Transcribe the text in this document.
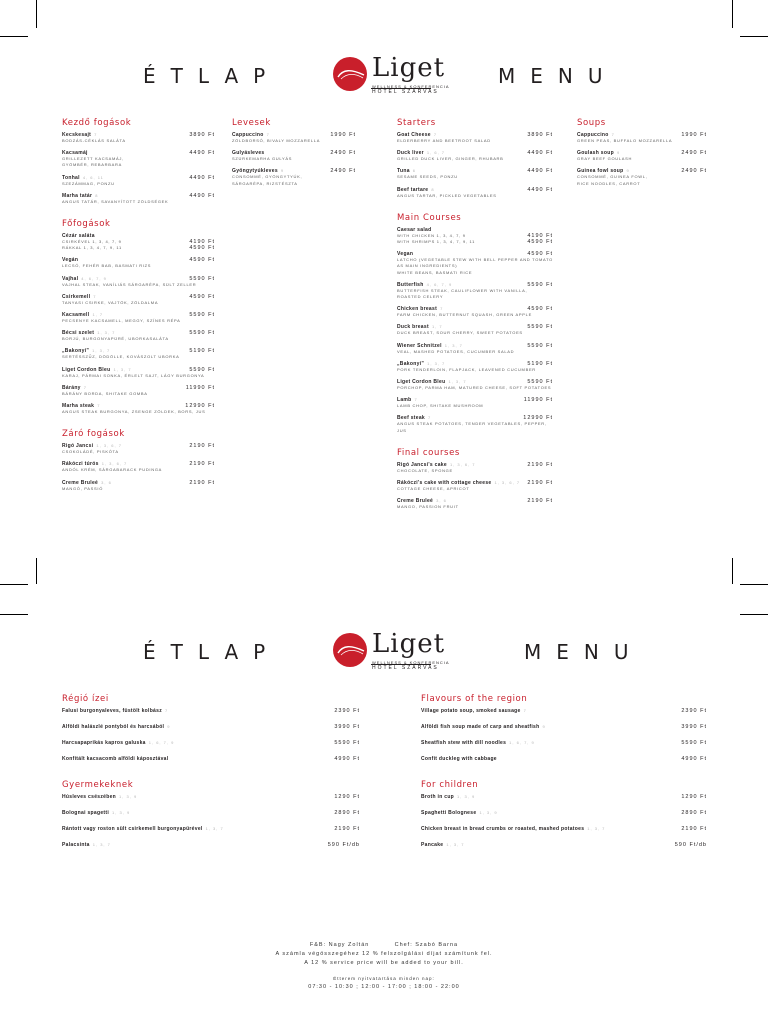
ÉTLAP	Liget
WELLNESS & KONFERENCIA
HOTEL SZARVAS
MENU
Kezdő fogások
Kecskesajt 7
BODZÁS-CÉKLÁS SALÁTA
3890 Ft
Kacsamáj
GRILLEZETT KACSAMÁJ,
GYÖMBÉR, REBARBARA
4490 Ft
Tonhal 4, 6, 11
SZEZÁMMAG, PONZU
4490 Ft
Marha tatár 8
ANGUS TATÁR, SAVANYÍTOTT ZÖLDSÉGEK
4490 Ft
Főfogások
Cézár saláta
CSIRKÉVEL 1, 3, 4, 7, 9
RÁKKAL 1, 3, 4, 7, 9, 11
4190 Ft
4590 Ft
Vegán
LECSÓ, FEHÉR BAB, BASMATI RIZS
4590 Ft
Vajhal 4, 6, 7, 9
VAJHAL STEAK, VANÍLIÁS SÁRGARÉPA, SÜLT ZELLER
5590 Ft
Csirkemell 7
TANYASI CSIRKE, VAJTÖK, ZÖLDALMA
4590 Ft
Kacsamell 1, 7
PECSENYE KACSAMELL, MEGGY, SZÍNES RÉPA
5590 Ft
Bécsi szelet 1, 3, 7
BORJÚ, BURGONYAPÜRÉ, UBORKASALÁTA
5590 Ft
„Bakonyi” 1, 3, 7
SERTÉSSZŰZ, DÖDÖLLE, KOVÁSZOLT UBORKA
5190 Ft
Liget Cordon Bleu 1, 3, 7
KARAJ, PÁRMAI SONKA, ÉRLELT SAJT, LÁGY BURGONYA
5590 Ft
Bárány 7
BÁRÁNY BORDA, SHITAKE GOMBA
11990 Ft
Marha steak 7
ANGUS STEAK BURGONYA, ZSENGE ZÖLDEK, BORS, JUS
12990 Ft
Záró fogások
Rigó Jancsi 1, 3, 6, 7
CSOKOLÁDÉ, PISKÓTA
2190 Ft
Rákóczi túrós 1, 3, 6, 7
ANDÓL KRÉM, SÁRGABARACK PUDINGA
2190 Ft
Creme Bruleé 3, 6
MANGÓ, PASSIÓ
2190 Ft
Levesek
Cappuccino 7
ZÖLDBORSÓ, BIVALY MOZZARELLA
1990 Ft
Gulyásleves
SZÜRKEMARHA GULYÁS
2490 Ft
Gyöngytyúkleves 9
CONSOMMÉ, GYÖNGYTYÚK,
SÁRGARÉPA, RIZSTÉSZTA
2490 Ft
Starters
Goat Cheese 7
ELDERBERRY AND BEETROOT SALAD
3890 Ft
Duck liver 1, 6, 7
GRILLED DUCK LIVER, GINGER, RHUBARB
4490 Ft
Tuna 6
SESAME SEEDS, PONZU
4490 Ft
Beef tartare 8
ANGUS TARTAR, PICKLED VEGETABLES
4490 Ft
Main Courses
Caesar salad
WITH CHICKEN 1, 3, 4, 7, 9
WITH SHRIMPS 1, 3, 4, 7, 9, 11
4190 Ft
4590 Ft
Vegan
LATCHO (VEGETABLE STEW WITH BELL PEPPER AND TOMATO AS MAIN INGREDIENTS)
WHITE BEANS, BASMATI RICE
4590 Ft
Butterfish 4, 6, 7, 9
BUTTERFISH STEAK, CAULIFLOWER WITH VANILLA, ROASTED CELERY
5590 Ft
Chicken breast 7
FARM CHICKEN, BUTTERNUT SQUASH, GREEN APPLE
4590 Ft
Duck breast 1, 7
DUCK BREAST, SOUR CHERRY, SWEET POTATOES
5590 Ft
Wiener Schnitzel 1, 3, 7
VEAL, MASHED POTATOES, CUCUMBER SALAD
5590 Ft
„Bakonyi” 1, 3, 7
PORK TENDERLOIN, FLAPJACK, LEAVENED CUCUMBER
5190 Ft
Liget Cordon Bleu 1, 3, 7
PORCHOP, PARMA HAM, MATURED CHEESE, SOFT POTATOES
5590 Ft
Lamb 7
LAMB CHOP, SHITAKE MUSHROOM
11990 Ft
Beef steak 7
ANGUS STEAK POTATOES, TENDER VEGETABLES, PEPPER, JUS
12990 Ft
Final courses
Rigó Jancsi's cake 1, 3, 6, 7
CHOCOLATE, SPONGE
2190 Ft
Rákóczi's cake with cottage cheese 1, 3, 6, 7
COTTAGE CHEESE, APRICOT
2190 Ft
Creme Bruleé 3, 6
MANGO, PASSION FRUIT
2190 Ft
Soups
Cappuccino 7
GREEN PEAS, BUFFALO MOZZARELLA
1990 Ft
Goulash soup 9
GRAY BEEF GOULASH
2490 Ft
Guinea fowl soup 9
CONSOMMÉ, GUINEA FOWL,
RICE NOODLES, CARROT
2490 Ft
ÉTLAP	Liget
WELLNESS & KONFERENCIA
HOTEL SZARVAS
MENU
Régió ízei
Falusi burgonyaleves, füstölt kolbász 7	2390 Ft
Alföldi halászlé pontyból és harcsából 9	3990 Ft
Harcsapaprikás kapros galuska 1, 6, 7, 9	5590 Ft
Konfitált kacsacomb alföldi káposztával	4990 Ft
Gyermekeknek
Húsleves csészében 1, 3, 9	1290 Ft
Bolognai spagetti 1, 3, 9	2890 Ft
Rántott vagy roston sült csirkemell burgonyapürével 1, 3, 7	2190 Ft
Palacsinta 1, 3, 7	590 Ft/db
Flavours of the region
Village potato soup, smoked sausage 7	2390 Ft
Alföldi fish soup made of carp and sheatfish 9	3990 Ft
Sheatfish stew with dill noodles 1, 6, 7, 9	5590 Ft
Confit duckleg with cabbage	4990 Ft
For children
Broth in cup 1, 3, 9	1290 Ft
Spaghetti Bolognese 1, 3, 9	2890 Ft
Chicken breast in bread crumbs or roasted, mashed potatoes 1, 3, 7	2190 Ft
Pancake 1, 3, 7	590 Ft/db
F&B: Nagy Zoltán          Chef: Szabó Barna
A számla végösszegéhez 12 % felszolgálási díjat számítunk fel.
A 12 % service price will be added to your bill.
Étterem nyitvatartása minden nap:
07:30 - 10:30 ; 12:00 - 17:00 ; 18:00 - 22:00
